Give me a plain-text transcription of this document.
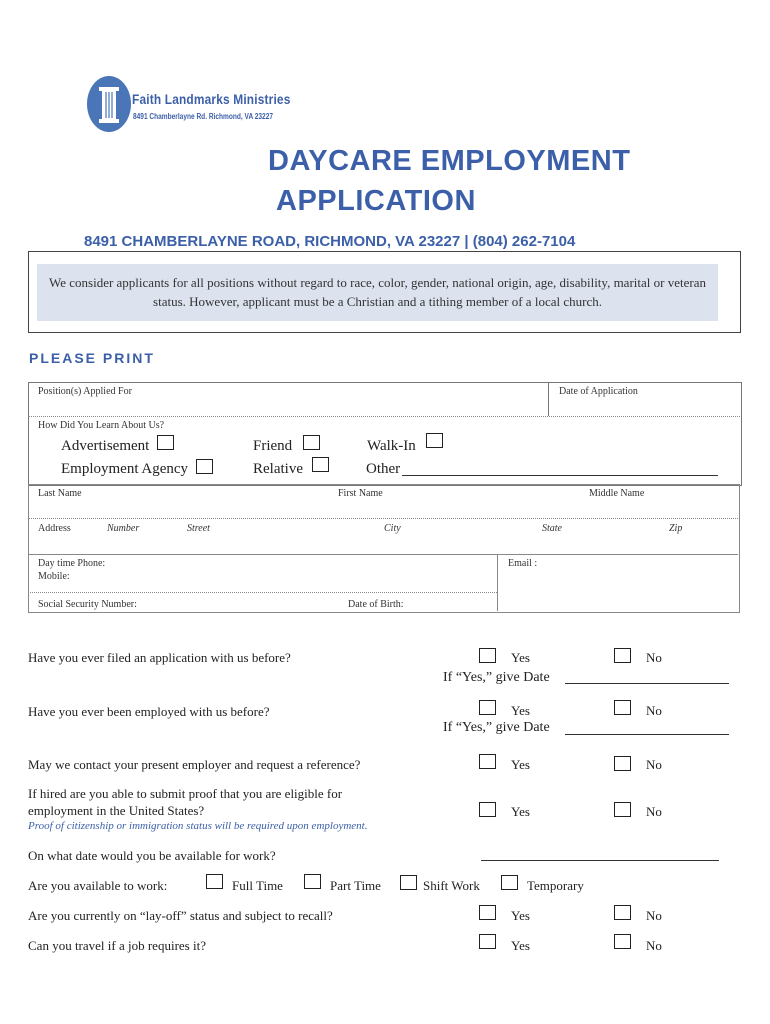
Faith Landmarks Ministries
8491 Chamberlayne Rd. Richmond, VA 23227
DAYCARE EMPLOYMENT
APPLICATION
8491 CHAMBERLAYNE ROAD, RICHMOND, VA 23227 | (804) 262-7104
We consider applicants for all positions without regard to race, color, gender, national origin, age, disability, marital or veteran status. However, applicant must be a Christian and a tithing member of a local church.
PLEASE PRINT
Position(s) Applied For	Date of Application
How Did You Learn About Us?
Advertisement	Friend	Walk-In
Employment Agency	Relative	Other
Last Name	First Name	Middle Name
Address	Number	Street	City	State	Zip
Day time Phone:
Mobile:
Email :
Social Security Number:	Date of Birth:
Have you ever filed an application with us before?	Yes	No
If “Yes,” give Date
Have you ever been employed with us before?	Yes	No
If “Yes,” give Date
May we contact your present employer and request a reference?	Yes	No
If hired are you able to submit proof that you are eligible for
employment in the United States?
Proof of citizenship or immigration status will be required upon employment.
Yes	No
On what date would you be available for work?
Are you available to work:	Full Time	Part Time	Shift Work	Temporary
Are you currently on “lay-off” status and subject to recall?	Yes	No
Can you travel if a job requires it?	Yes	No
